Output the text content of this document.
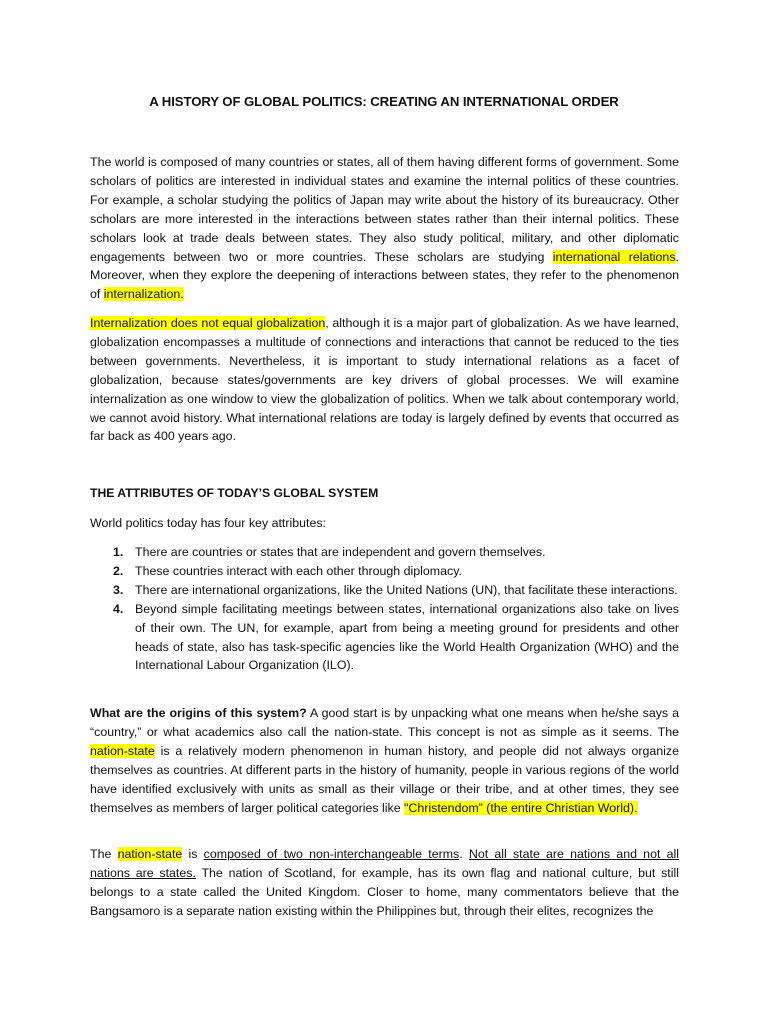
A HISTORY OF GLOBAL POLITICS: CREATING AN INTERNATIONAL ORDER

The world is composed of many countries or states, all of them having different forms of government. Some scholars of politics are interested in individual states and examine the internal politics of these countries. For example, a scholar studying the politics of Japan may write about the history of its bureaucracy. Other scholars are more interested in the interactions between states rather than their internal politics. These scholars look at trade deals between states. They also study political, military, and other diplomatic engagements between two or more countries. These scholars are studying international relations. Moreover, when they explore the deepening of interactions between states, they refer to the phenomenon of internalization.

Internalization does not equal globalization, although it is a major part of globalization. As we have learned, globalization encompasses a multitude of connections and interactions that cannot be reduced to the ties between governments. Nevertheless, it is important to study international relations as a facet of globalization, because states/governments are key drivers of global processes. We will examine internalization as one window to view the globalization of politics. When we talk about contemporary world, we cannot avoid history. What international relations are today is largely defined by events that occurred as far back as 400 years ago.

THE ATTRIBUTES OF TODAY’S GLOBAL SYSTEM

World politics today has four key attributes:

1. There are countries or states that are independent and govern themselves.
2. These countries interact with each other through diplomacy.
3. There are international organizations, like the United Nations (UN), that facilitate these interactions.
4. Beyond simple facilitating meetings between states, international organizations also take on lives of their own. The UN, for example, apart from being a meeting ground for presidents and other heads of state, also has task-specific agencies like the World Health Organization (WHO) and the International Labour Organization (ILO).

What are the origins of this system? A good start is by unpacking what one means when he/she says a “country,” or what academics also call the nation-state. This concept is not as simple as it seems. The nation-state is a relatively modern phenomenon in human history, and people did not always organize themselves as countries. At different parts in the history of humanity, people in various regions of the world have identified exclusively with units as small as their village or their tribe, and at other times, they see themselves as members of larger political categories like "Christendom” (the entire Christian World).

The nation-state is composed of two non-interchangeable terms. Not all state are nations and not all nations are states. The nation of Scotland, for example, has its own flag and national culture, but still belongs to a state called the United Kingdom. Closer to home, many commentators believe that the Bangsamoro is a separate nation existing within the Philippines but, through their elites, recognizes the
